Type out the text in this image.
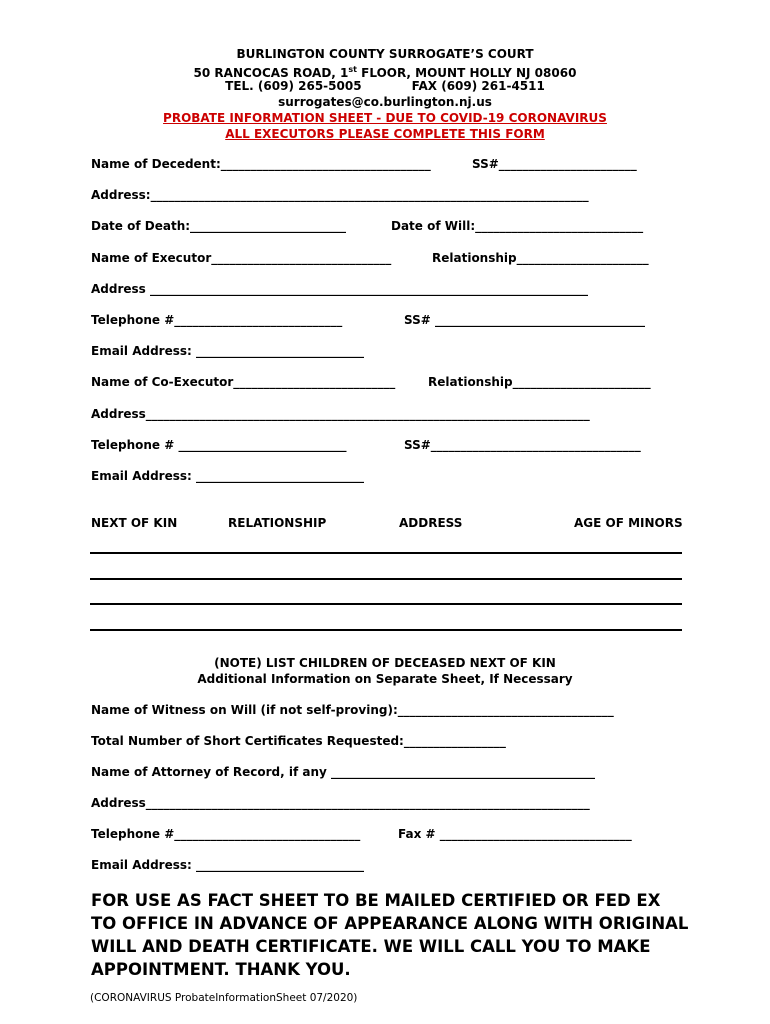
BURLINGTON COUNTY SURROGATE’S COURT
50 RANCOCAS ROAD, 1st FLOOR, MOUNT HOLLY NJ 08060
TEL. (609) 265-5005            FAX (609) 261-4511
surrogates@co.burlington.nj.us
PROBATE INFORMATION SHEET - DUE TO COVID-19 CORONAVIRUS
ALL EXECUTORS PLEASE COMPLETE THIS FORM
Name of Decedent:___________________________________	SS#_______________________
Address:_________________________________________________________________________
Date of Death:__________________________	Date of Will:____________________________
Name of Executor______________________________	Relationship______________________
Address _________________________________________________________________________
Telephone #____________________________	SS# ___________________________________
Email Address: ____________________________
Name of Co-Executor___________________________	Relationship_______________________
Address__________________________________________________________________________
Telephone # ____________________________	SS#___________________________________
Email Address: ____________________________
NEXT OF KIN	RELATIONSHIP	ADDRESS	AGE OF MINORS
(NOTE) LIST CHILDREN OF DECEASED NEXT OF KIN
Additional Information on Separate Sheet, If Necessary
Name of Witness on Will (if not self-proving):____________________________________
Total Number of Short Certificates Requested:_________________
Name of Attorney of Record, if any ____________________________________________
Address__________________________________________________________________________
Telephone #_______________________________	Fax # ________________________________
Email Address: ____________________________
FOR USE AS FACT SHEET TO BE MAILED CERTIFIED OR FED EX TO OFFICE IN ADVANCE OF APPEARANCE ALONG WITH ORIGINAL WILL AND DEATH CERTIFICATE. WE WILL CALL YOU TO MAKE APPOINTMENT. THANK YOU.
(CORONAVIRUS ProbateInformationSheet 07/2020)
